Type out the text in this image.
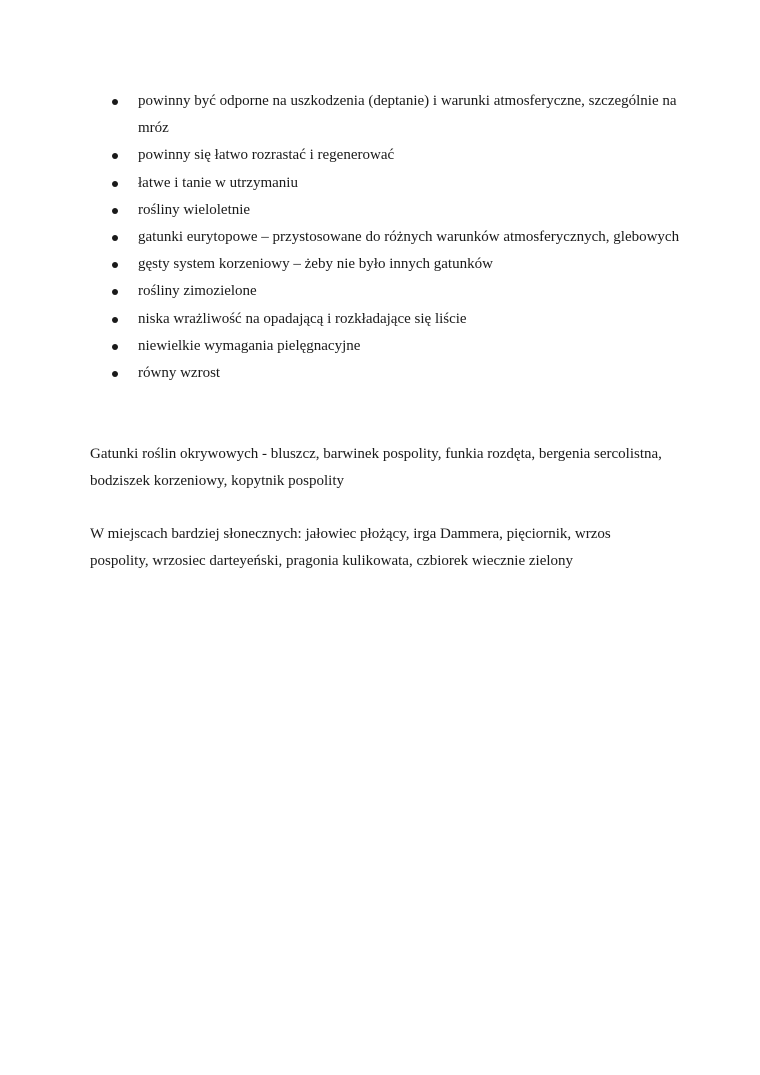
powinny być odporne na uszkodzenia (deptanie) i warunki atmosferyczne, szczególnie na mróz
powinny się łatwo rozrastać i regenerować
łatwe i tanie w utrzymaniu
rośliny wieloletnie
gatunki eurytopowe – przystosowane do różnych warunków atmosferycznych, glebowych
gęsty system korzeniowy – żeby nie było innych gatunków
rośliny zimozielone
niska wrażliwość na opadającą i rozkładające się liście
niewielkie wymagania pielęgnacyjne
równy wzrost

Gatunki roślin okrywowych - bluszcz, barwinek pospolity, funkia rozdęta, bergenia sercolistna, bodziszek korzeniowy, kopytnik pospolity

W miejscach bardziej słonecznych: jałowiec płożący, irga Dammera, pięciornik, wrzos pospolity, wrzosiec darteyeński, pragonia kulikowata, czbiorek wiecznie zielony
